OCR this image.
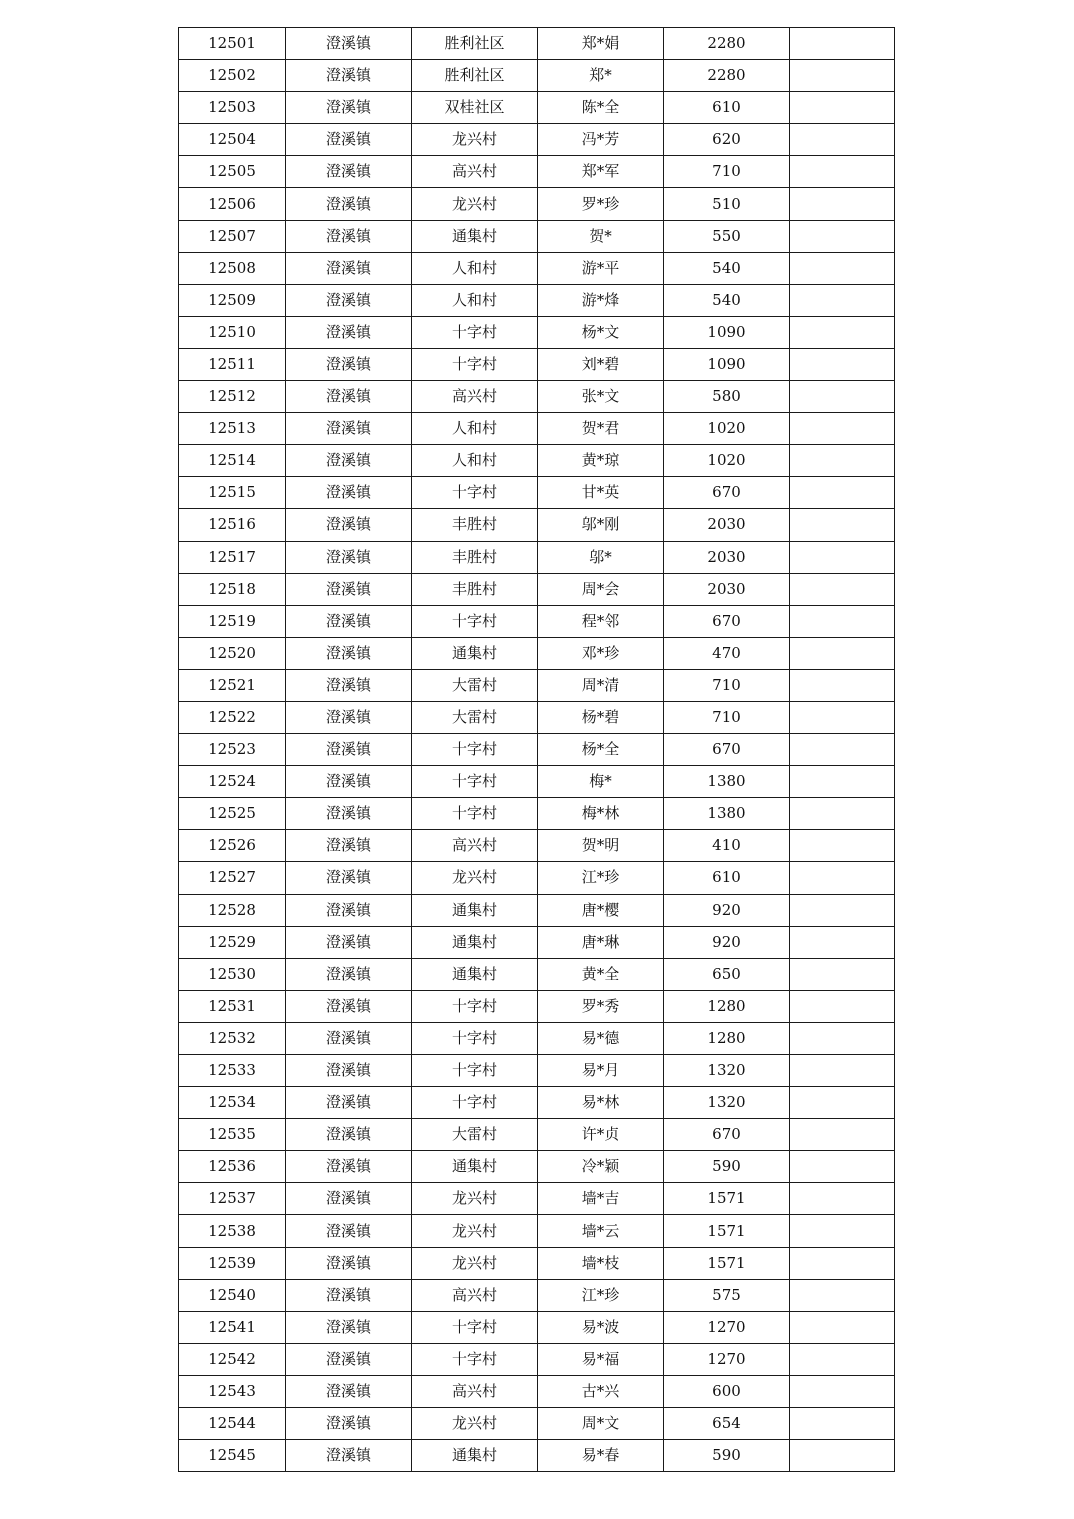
12501	澄溪镇	胜利社区	郑*娟	2280	
12502	澄溪镇	胜利社区	郑*	2280	
12503	澄溪镇	双桂社区	陈*全	610	
12504	澄溪镇	龙兴村	冯*芳	620	
12505	澄溪镇	高兴村	郑*军	710	
12506	澄溪镇	龙兴村	罗*珍	510	
12507	澄溪镇	通集村	贺*	550	
12508	澄溪镇	人和村	游*平	540	
12509	澄溪镇	人和村	游*烽	540	
12510	澄溪镇	十字村	杨*文	1090	
12511	澄溪镇	十字村	刘*碧	1090	
12512	澄溪镇	高兴村	张*文	580	
12513	澄溪镇	人和村	贺*君	1020	
12514	澄溪镇	人和村	黄*琼	1020	
12515	澄溪镇	十字村	甘*英	670	
12516	澄溪镇	丰胜村	邬*刚	2030	
12517	澄溪镇	丰胜村	邬*	2030	
12518	澄溪镇	丰胜村	周*会	2030	
12519	澄溪镇	十字村	程*邻	670	
12520	澄溪镇	通集村	邓*珍	470	
12521	澄溪镇	大雷村	周*清	710	
12522	澄溪镇	大雷村	杨*碧	710	
12523	澄溪镇	十字村	杨*全	670	
12524	澄溪镇	十字村	梅*	1380	
12525	澄溪镇	十字村	梅*林	1380	
12526	澄溪镇	高兴村	贺*明	410	
12527	澄溪镇	龙兴村	江*珍	610	
12528	澄溪镇	通集村	唐*樱	920	
12529	澄溪镇	通集村	唐*琳	920	
12530	澄溪镇	通集村	黄*全	650	
12531	澄溪镇	十字村	罗*秀	1280	
12532	澄溪镇	十字村	易*德	1280	
12533	澄溪镇	十字村	易*月	1320	
12534	澄溪镇	十字村	易*林	1320	
12535	澄溪镇	大雷村	许*贞	670	
12536	澄溪镇	通集村	冷*颖	590	
12537	澄溪镇	龙兴村	墙*吉	1571	
12538	澄溪镇	龙兴村	墙*云	1571	
12539	澄溪镇	龙兴村	墙*枝	1571	
12540	澄溪镇	高兴村	江*珍	575	
12541	澄溪镇	十字村	易*波	1270	
12542	澄溪镇	十字村	易*福	1270	
12543	澄溪镇	高兴村	古*兴	600	
12544	澄溪镇	龙兴村	周*文	654	
12545	澄溪镇	通集村	易*春	590	
